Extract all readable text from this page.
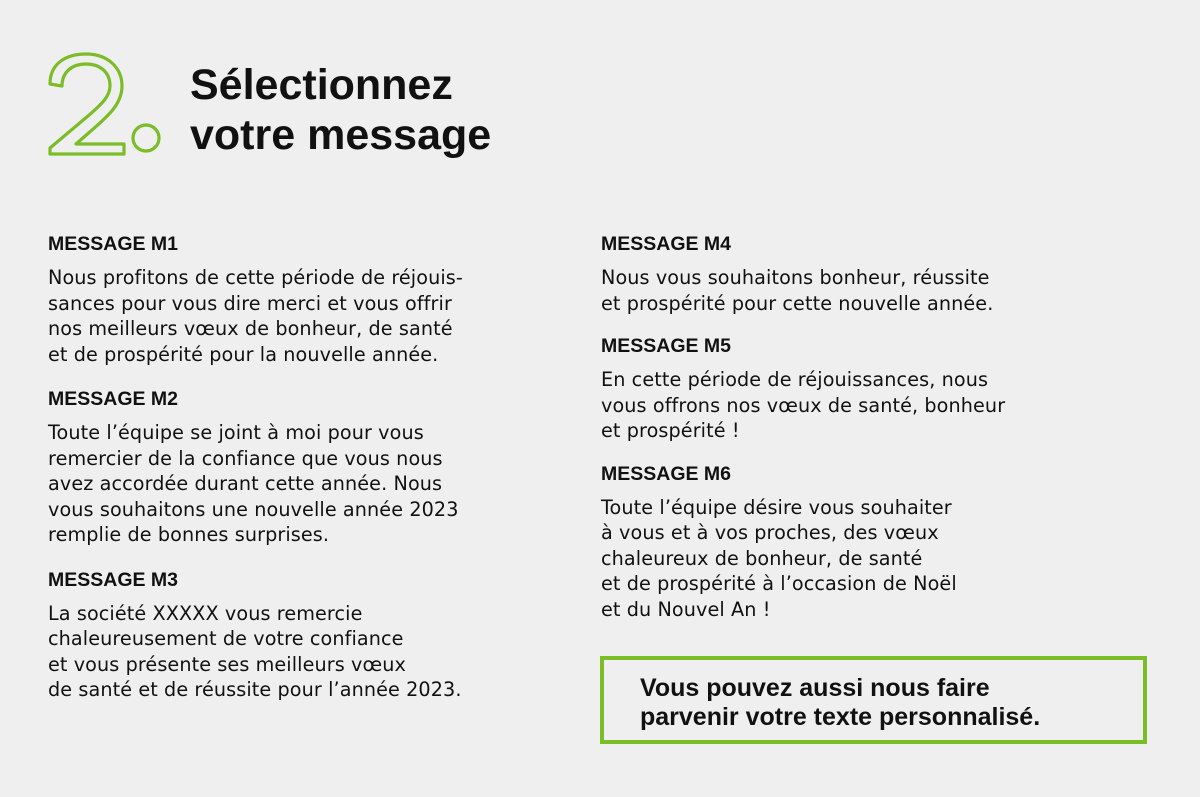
Sélectionnez
votre message
MESSAGE M1
Nous profitons de cette période de réjouis-
sances pour vous dire merci et vous offrir
nos meilleurs vœux de bonheur, de santé
et de prospérité pour la nouvelle année.
MESSAGE M2
Toute l’équipe se joint à moi pour vous
remercier de la confiance que vous nous
avez accordée durant cette année. Nous
vous souhaitons une nouvelle année 2023
remplie de bonnes surprises.
MESSAGE M3
La société XXXXX vous remercie
chaleureusement de votre confiance
et vous présente ses meilleurs vœux
de santé et de réussite pour l’année 2023.
MESSAGE M4
Nous vous souhaitons bonheur, réussite
et prospérité pour cette nouvelle année.
MESSAGE M5
En cette période de réjouissances, nous
vous offrons nos vœux de santé, bonheur
et prospérité !
MESSAGE M6
Toute l’équipe désire vous souhaiter
à vous et à vos proches, des vœux
chaleureux de bonheur, de santé
et de prospérité à l’occasion de Noël
et du Nouvel An !
Vous pouvez aussi nous faire
parvenir votre texte personnalisé.
